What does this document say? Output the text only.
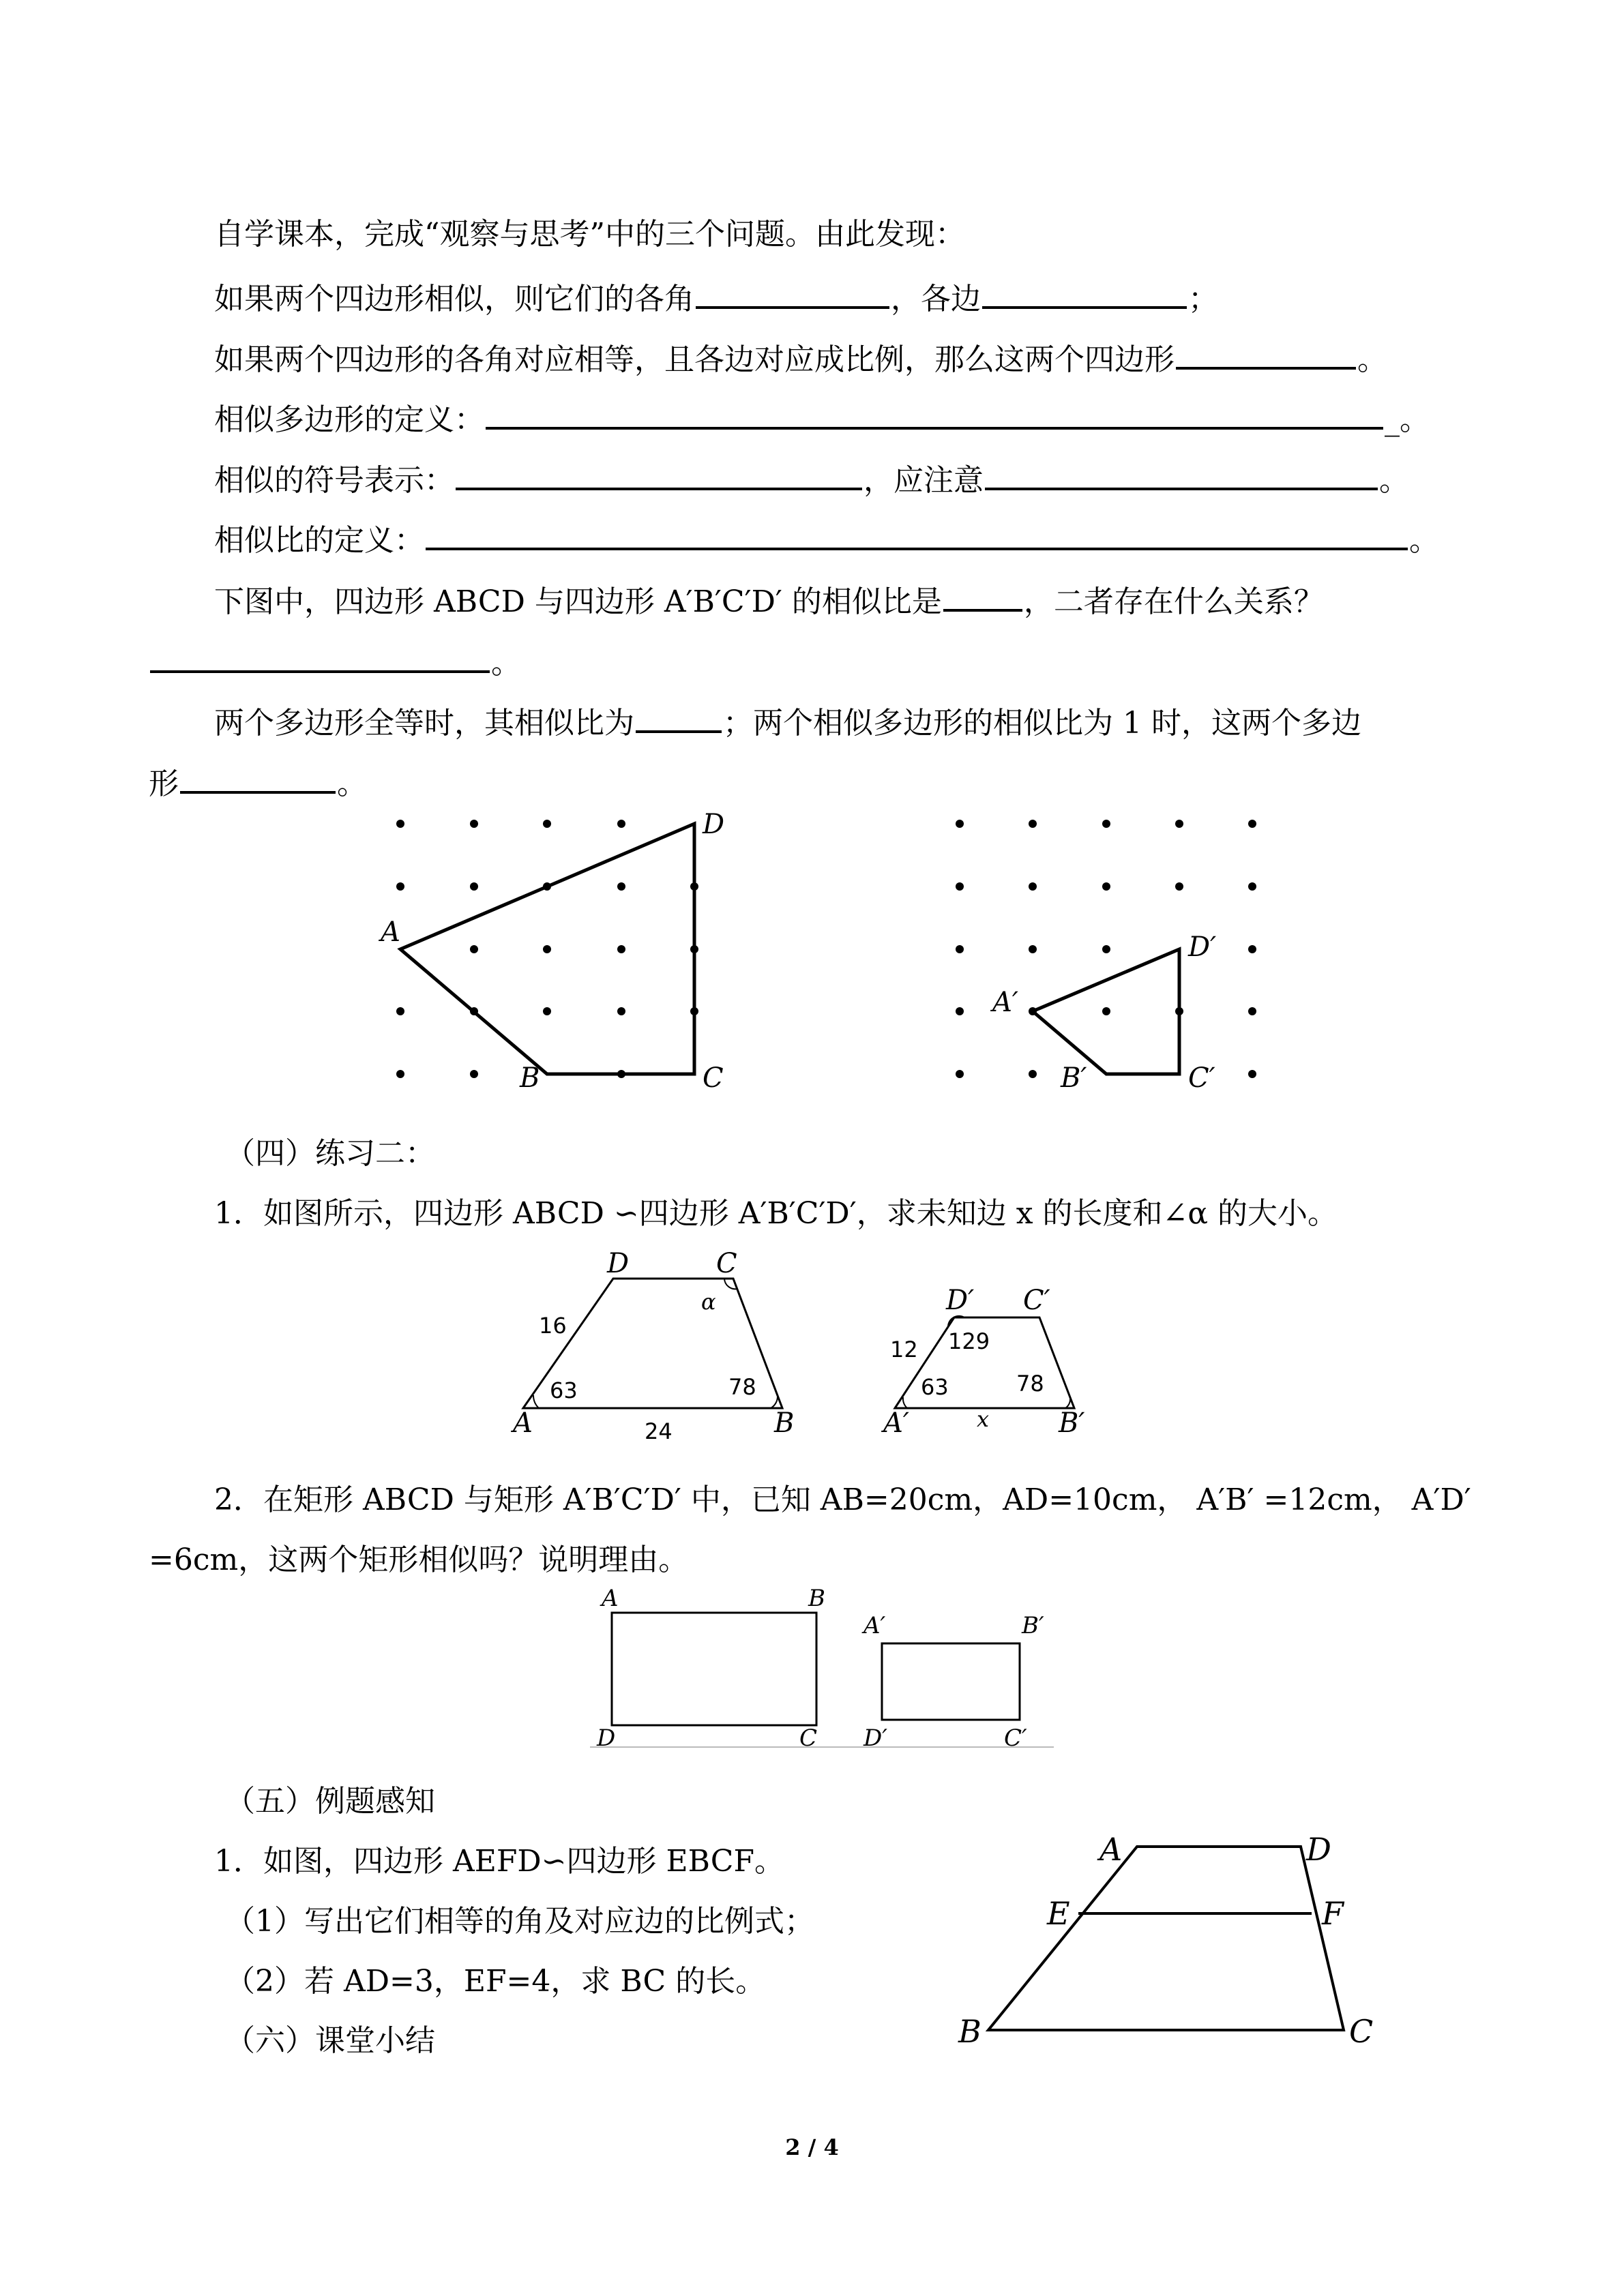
自学课本，完成“观察与思考”中的三个问题。由此发现：
如果两个四边形相似，则它们的各角	，各边	；
如果两个四边形的各角对应相等，且各边对应成比例，那么这两个四边形	。
相似多边形的定义：	_。
相似的符号表示：	，应注意	。
相似比的定义：	。
下图中，四边形 ABCD 与四边形 A′B′C′D′ 的相似比是	，二者存在什么关系？
。
两个多边形全等时，其相似比为	；两个相似多边形的相似比为 1 时，这两个多边
形	。
A
B	C
D
A′
B′	C′
D′
（四）练习二：
1．如图所示，四边形 ABCD ∽四边形 A′B′C′D′，求未知边 x 的长度和∠α 的大小。
A	B
C
D
16
63	78
24
α
A′	B′
C′
D′
12 129
63	78
x
2．在矩形 ABCD 与矩形 A′B′C′D′ 中，已知 AB=20cm，AD=10cm， A′B′ =12cm， A′D′
=6cm，这两个矩形相似吗？说明理由。
A	B
C
D
A′	B′
C′
D′
（五）例题感知
1．如图，四边形 AEFD∽四边形 EBCF。
（1）写出它们相等的角及对应边的比例式；
（2）若 AD=3，EF=4，求 BC 的长。
（六）课堂小结
A	D
E	F
B	C
2 / 4
